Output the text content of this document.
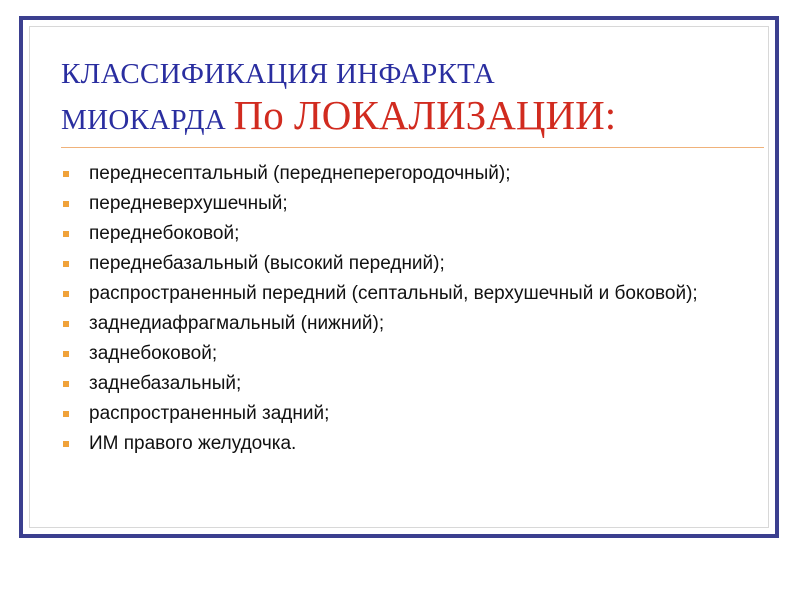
КЛАССИФИКАЦИЯ ИНФАРКТА
МИОКАРДА По ЛОКАЛИЗАЦИИ:
переднесептальный (переднеперегородочный);
передневерхушечный;
переднебоковой;
переднебазальный (высокий передний);
распространенный передний (септальный, верхушечный и боковой);
заднедиафрагмальный (нижний);
заднебоковой;
заднебазальный;
распространенный задний;
ИМ правого желудочка.
